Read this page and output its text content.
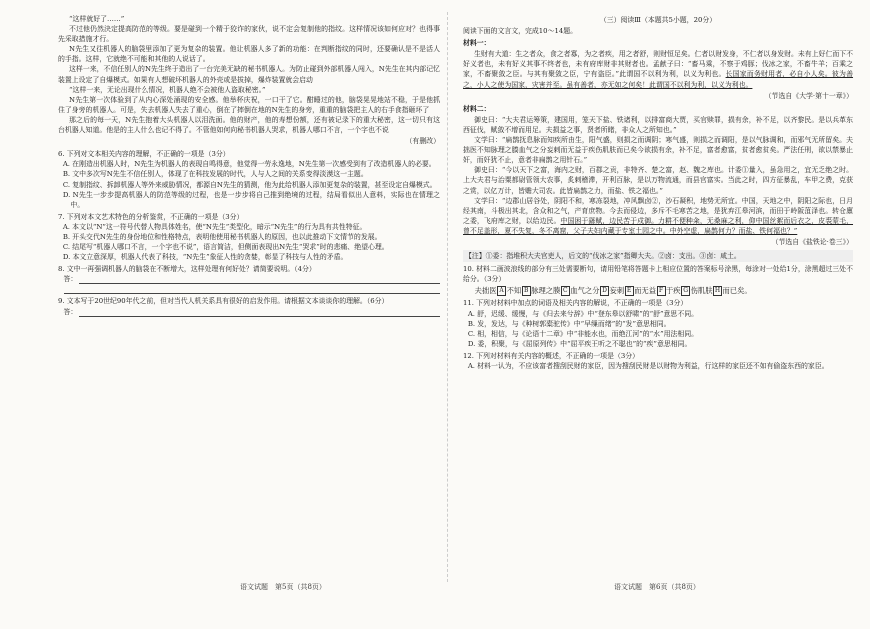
“这样就好了……”

不过他仍然決定提高防范的等级。要是碰到一个精于狡诈的家伙，说不定会复制他的指纹。这样情况该如何应对？也得事先采取措施才行。

N先生又往机器人的脑袋里添加了更为复杂的装置。他让机器人多了新的功能：在判断指纹的同时，还要确认是不是活人的手指。这样，它就绝不可能和其他的人说话了。

这样一来，不信任别人的N先生终于造出了一台完美无缺的秘书机器人。为防止碰到外部机器人闯入，N先生在其内部记忆装置上设定了自爆模式。如果有人想破坏机器人的外壳或是拔掉，爆炸装置就会启动

“这样一来，无论出现什么情况，机器人绝不会被他人盗取秘密。”

N先生第一次体验到了从内心深处涌现的安全感。他举杯庆祝，一口干了它。酣睡过的他，脑袋晃晃地站不稳，于是他抓住了身旁的机器人。可是，失去机器人失去了重心，倒在了摔倒在地的N先生的身旁，重重的脑袋把主人的右手食指砸坏了

那之后的每一天，N先生抱着大头机器人以泪洗面。他的财产，他的寿想份额，还有被记录下的重大秘密，这一切只有这台机器人知道。他是的主人什么也记不得了。不管他如何向秘书机器人哭求，机器人哪口不言，一个字也不说

（有删改）

6. 下列对文本相关内容的理解，不正确的一项是（3分）

A. 在刚造出机器人时，N先生为机器人的表现自鸣得意，他觉得一劳永逸地，N先生第一次感受到有了改造机器人的必要。

B. 文中多次写N先生不信任别人，体现了在科技发展的时代，人与人之间的关系变得淡漠这一主题。

C. 复制指纹、拆卸机器人等外来威胁情况，都源自N先生的猜测，他为此给机器人添加更复杂的装置，甚至设定自爆模式。

D. N先生一步步提高机器人的防范等级的过程，也是一步步将自己推到绝境的过程，结局看似出人意料，实际也在情理之中。

7. 下列对本文艺术特色的分析鉴赏，不正确的一项是（3分）

A. 本文以“N”这一符号代替人物具体姓名，使“N先生”类型化，暗示“N先生”的行为具有共性特征。

B. 开头交代N先生的身份地位和性格特点，表明他使用秘书机器人的原因，也以此推动下文情节的发展。

C. 结尾写“机器人哪口不言，一个字也不说”，语言简洁，但侧面表现出N先生“哭求”时的悲痛、绝望心理。

D. 本文立意深厚，机器人代表了科技，“N先生”象征人性的贪婪，彰显了科技与人性的矛盾。

8. 文中一再强调机器人的脑袋在不断增大，这样处理有何好处？请简要说明。（4分）

答：

9. 文本写于20世纪90年代之前，但对当代人机关系具有很好的启发作用。请根据文本谈谈你的理解。（6分）

答：

（三）阅读Ⅲ（本题共5小题，20分）

阅读下面的文言文，完成10～14题。

材料一：

生财有大道：生之者众，食之者寡，为之者疾，用之者舒，则财恒足矣。仁者以财发身，不仁者以身发财。未有上好仁而下不好义者也，未有好义其事不终者也，未有府库财非其财者也。孟献子曰：“畜马乘，不察于鸡豚；伐冰之家，不畜牛羊；百乘之家，不畜聚敛之臣。与其有聚敛之臣，宁有盗臣。”此谓国不以利为利，以义为利也。长国家而务财用者，必自小人矣。彼为善之，小人之使为国家，灾害并至。虽有善者，亦无如之何矣！此谓国不以利为利，以义为利也。

（节选自《大学·第十一章》）

材料二：

御史曰：“大夫君运筹策，建国用，笼天下盐、铁诸利，以排富商大贾，买官赎罪，损有余，补不足，以齐黎民。是以兵革东西征伐，赋敛不增而用足。夫损益之事，贤者所睹，非众人之所知也。”

文学曰：“扁鹊抚息脉而知疾所由生，阳气盛，则损之而调阴；寒气盛，则损之而调阳，是以气脉调和，而邪气无所留矣。夫拙医不知脉理之腠血气之分妄刺而无益于疾伤肌肤而已矣今欲损有余，补不足，富者愈富，贫者愈贫矣。严法任刑，欲以禁暴止奸，而奸犹不止，意者非扁鹊之用针石。”

御史曰：“今以天下之富，海内之财，百郡之贡，非特齐、楚之富，赵、魏之库也。计委①量入，虽急用之，宜无乏绝之时。上大夫君与治粟都尉管领大农事，炙刺稽滞，开利百脉，是以万物流通，而县官富实。当此之时，四方征暴乱，车甲之费，克获之赏，以亿万计，皆赡大司农。此皆扁鹊之力，而盐、铁之福也。”

文学曰：“边郡山居谷处，阴阳不和，寒冻裂地，冲风飘卤②，沙石凝积，地势无所宜。中国，天地之中，阴阳之际也，日月经其南，斗极出其北，含众和之气，产育庶物。今去而侵边，多斥不毛寒苦之地，是犹弃江皋河滨，而田于岭阪菹泽也。转仓廪之委，飞府库之财，以给边民。中国困于繇赋，边民苦于戍御。力耕不便种籴，无桑麻之利，仰中国丝絮而后衣之，皮裘蒙毛，曾不足盖形，夏不失复，冬不离窟，父子夫妇内藏于专室土园之中。中外空虚，扁鹊何力？而盐、铁何福也？”

（节选自《盐铁论·卷三》）

【注】①委：指堆积大夫官吏人，后文的“伐冰之家”指卿大夫。②卤：支出。③卤：咸土。

10. 材料二画波浪线的部分有三处需要断句，请用铅笔将答题卡上相应位置的答案标号涂黑，每涂对一处给1分，涂黑超过三处不给分。（3分）

夫拙医 A 不知 B 脉理之腠 C 血气之分 D 妄刺 E 而无益 F 于疾 G 伤肌肤 H 而已矣。

11. 下列对材料中加点的词语及相关内容的解说，不正确的一项是（3分）

A. 舒，迟缓、缓慢，与《归去来兮辞》中“登东皋以舒啸”的“舒”意思不同。

B. 发，发达，与《种树郭橐驼传》中“早缫而绪”的“发”意思相同。

C. 相，相信，与《论语十二章》中“非能水也，而绝江河”的“水”用法相同。

D. 委，积聚，与《屈原列传》中“屈平疾王听之不聪也”的“疾”意思相同。

12. 下列对材料有关内容的概述，不正确的一项是（3分）

A. 材料一认为，不应该富者搜刮民财的家臣，因为搜刮民财是以财物为利益，行这样的家臣还不如有偷盗东西的家臣。

语文试题　第5页（共8页）	语文试题　第6页（共8页）
